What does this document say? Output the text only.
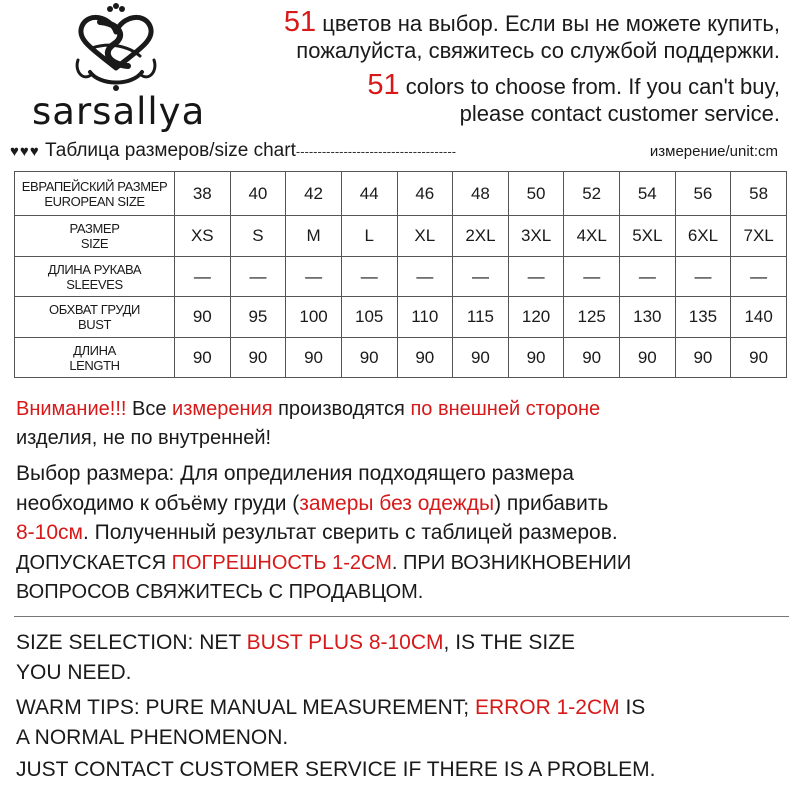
sarsallya
51 цветов на выбор. Если вы не можете купить,
пожалуйста, свяжитесь со службой поддержки.
51 colors to choose from. If you can't buy,
please contact customer service.
♥♥♥ Таблица размеров/size chart-------------------------------------	измерение/unit:cm
ЕВРАПЕЙСКИЙ РАЗМЕР
EUROPEAN SIZE	38	40	42	44	46	48	50	52	54	56	58

РАЗМЕР
SIZE	XS	S	M	L	XL	2XL	3XL	4XL	5XL	6XL	7XL

ДЛИНА РУКАВА
SLEEVES	—	—	—	—	—	—	—	—	—	—	—

ОБХВАТ ГРУДИ
BUST	90	95	100	105	110	115	120	125	130	135	140

ДЛИНА
LENGTH	90	90	90	90	90	90	90	90	90	90	90
Внимание!!! Все измерения производятся по внешней стороне
изделия, не по внутренней!
Выбор размера: Для опредиления подходящего размера
необходимо к объёму груди (замеры без одежды) прибавить
8-10см. Полученный результат сверить с таблицей размеров.
ДОПУСКАЕТСЯ ПОГРЕШНОСТЬ 1-2СМ. ПРИ ВОЗНИКНОВЕНИИ
ВОПРОСОВ СВЯЖИТЕСЬ С ПРОДАВЦОМ.
SIZE SELECTION: NET BUST PLUS 8-10CM, IS THE SIZE
YOU NEED.
WARM TIPS: PURE MANUAL MEASUREMENT; ERROR 1-2CM IS
A NORMAL PHENOMENON.
JUST CONTACT CUSTOMER SERVICE IF THERE IS A PROBLEM.
